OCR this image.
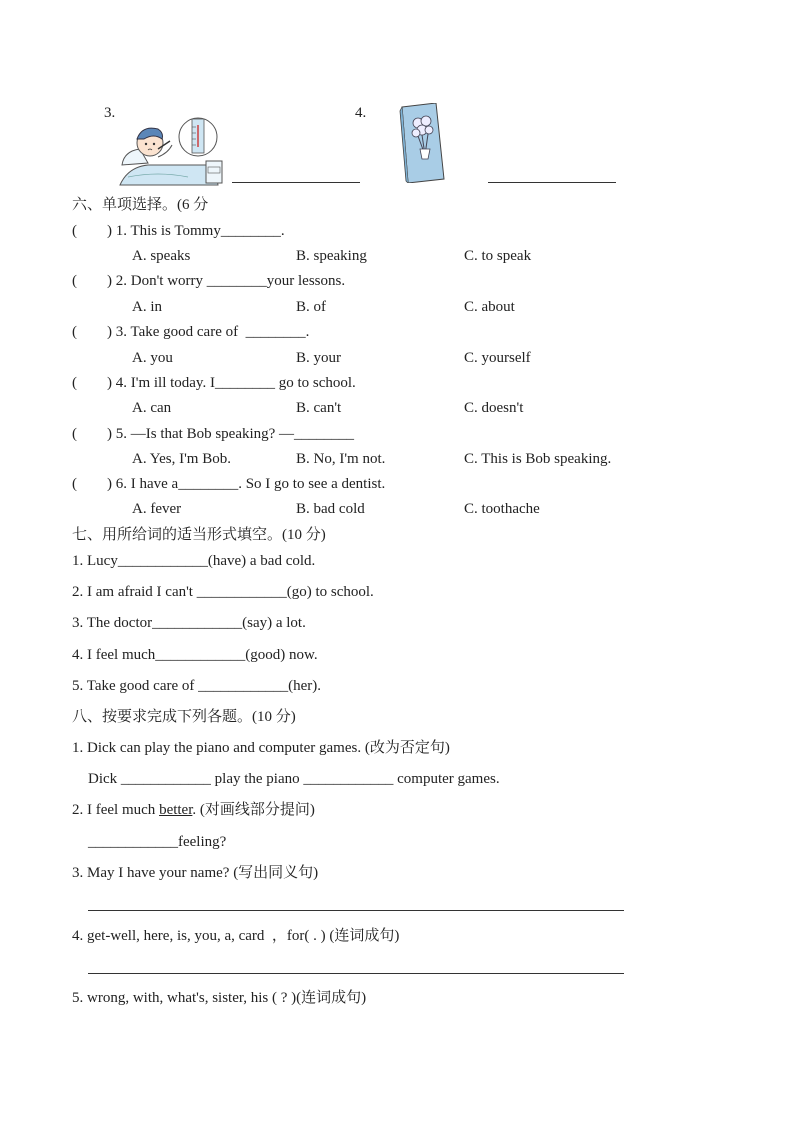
3.	4.
六、单项选择。(6 分
(        ) 1. This is Tommy________.
A. speaks	B. speaking	C. to speak
(        ) 2. Don't worry ________your lessons.
A. in	B. of	C. about
(        ) 3. Take good care of  ________.
A. you	B. your	C. yourself
(        ) 4. I'm ill today. I________ go to school.
A. can	B. can't	C. doesn't
(        ) 5. —Is that Bob speaking? —________
A. Yes, I'm Bob.	B. No, I'm not.	C. This is Bob speaking.
(        ) 6. I have a________. So I go to see a dentist.
A. fever	B. bad cold	C. toothache
七、用所给词的适当形式填空。(10 分)
1. Lucy____________(have) a bad cold.
2. I am afraid I can't ____________(go) to school.
3. The doctor____________(say) a lot.
4. I feel much____________(good) now.
5. Take good care of ____________(her).
八、按要求完成下列各题。(10 分)
1. Dick can play the piano and computer games. (改为否定句)
Dick ____________ play the piano ____________ computer games.
2. I feel much better. (对画线部分提问)
____________feeling?
3. May I have your name? (写出同义句)
4. get-well, here, is, you, a, card  ，for( . ) (连词成句)
5. wrong, with, what's, sister, his ( ? )(连词成句)
